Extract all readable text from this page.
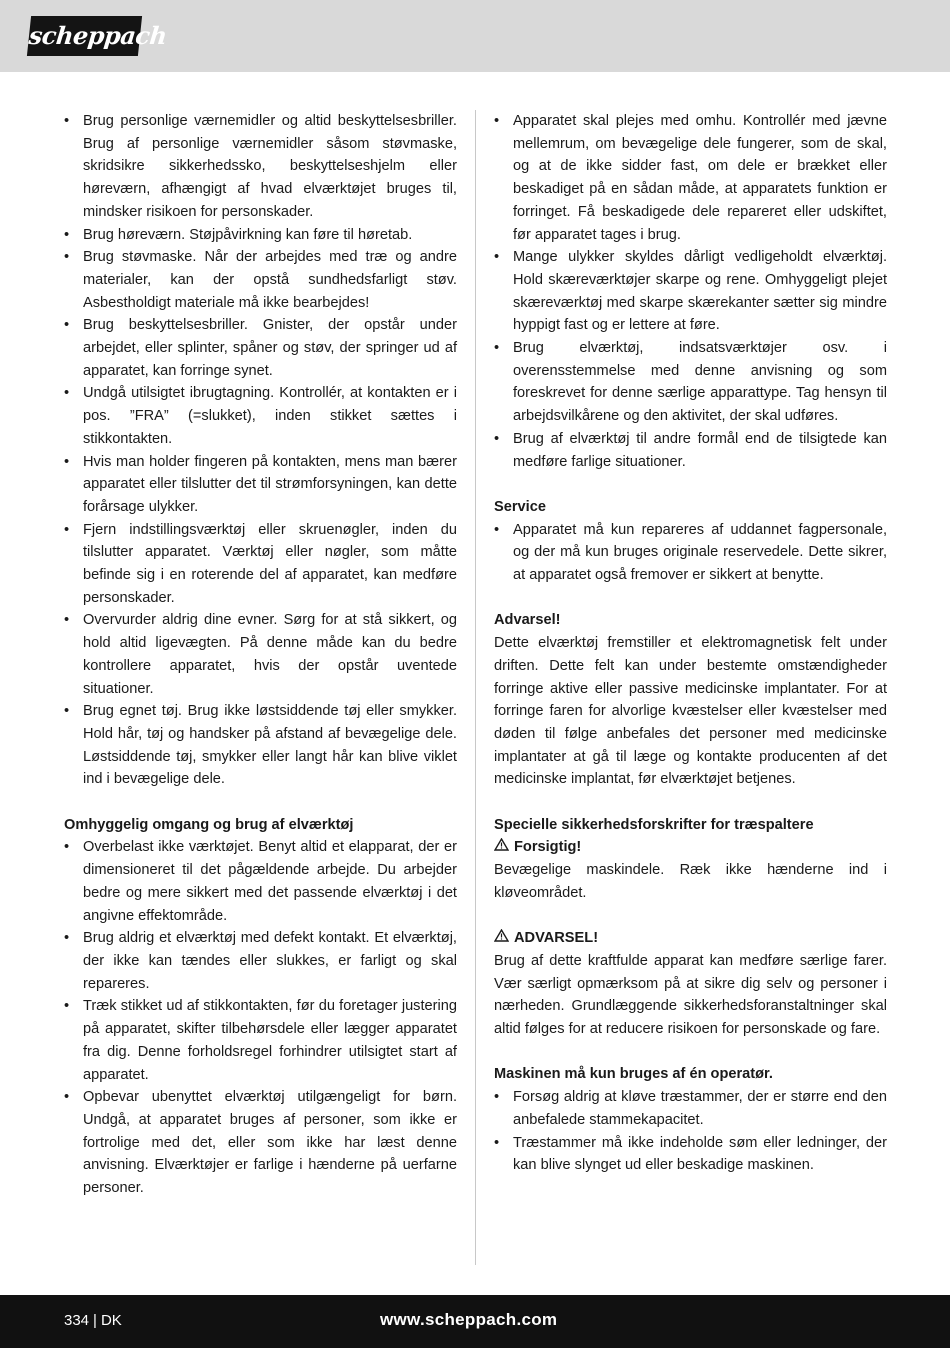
scheppach
• Brug personlige værnemidler og altid beskyttelsesbriller. Brug af personlige værnemidler såsom støvmaske, skridsikre sikkerhedssko, beskyttelseshjelm eller høreværn, afhængigt af hvad elværktøjet bruges til, mindsker risikoen for personskader.
• Brug høreværn. Støjpåvirkning kan føre til høretab.
• Brug støvmaske. Når der arbejdes med træ og andre materialer, kan der opstå sundhedsfarligt støv. Asbestholdigt materiale må ikke bearbejdes!
• Brug beskyttelsesbriller. Gnister, der opstår under arbejdet, eller splinter, spåner og støv, der springer ud af apparatet, kan forringe synet.
• Undgå utilsigtet ibrugtagning. Kontrollér, at kontakten er i pos. ”FRA” (=slukket), inden stikket sættes i stikkontakten.
• Hvis man holder fingeren på kontakten, mens man bærer apparatet eller tilslutter det til strømforsyningen, kan dette forårsage ulykker.
• Fjern indstillingsværktøj eller skruenøgler, inden du tilslutter apparatet. Værktøj eller nøgler, som måtte befinde sig i en roterende del af apparatet, kan medføre personskader.
• Overvurder aldrig dine evner. Sørg for at stå sikkert, og hold altid ligevægten. På denne måde kan du bedre kontrollere apparatet, hvis der opstår uventede situationer.
• Brug egnet tøj. Brug ikke løstsiddende tøj eller smykker. Hold hår, tøj og handsker på afstand af bevægelige dele. Løstsiddende tøj, smykker eller langt hår kan blive viklet ind i bevægelige dele.
Omhyggelig omgang og brug af elværktøj
• Overbelast ikke værktøjet. Benyt altid et elapparat, der er dimensioneret til det pågældende arbejde. Du arbejder bedre og mere sikkert med det passende elværktøj i det angivne effektområde.
• Brug aldrig et elværktøj med defekt kontakt. Et elværktøj, der ikke kan tændes eller slukkes, er farligt og skal repareres.
• Træk stikket ud af stikkontakten, før du foretager justering på apparatet, skifter tilbehørsdele eller lægger apparatet fra dig. Denne forholdsregel forhindrer utilsigtet start af apparatet.
• Opbevar ubenyttet elværktøj utilgængeligt for børn. Undgå, at apparatet bruges af personer, som ikke er fortrolige med det, eller som ikke har læst denne anvisning. Elværktøjer er farlige i hænderne på uerfarne personer.
• Apparatet skal plejes med omhu. Kontrollér med jævne mellemrum, om bevægelige dele fungerer, som de skal, og at de ikke sidder fast, om dele er brækket eller beskadiget på en sådan måde, at apparatets funktion er forringet. Få beskadigede dele repareret eller udskiftet, før apparatet tages i brug.
• Mange ulykker skyldes dårligt vedligeholdt elværktøj. Hold skæreværktøjer skarpe og rene. Omhyggeligt plejet skæreværktøj med skarpe skærekanter sætter sig mindre hyppigt fast og er lettere at føre.
• Brug elværktøj, indsatsværktøjer osv. i overensstemmelse med denne anvisning og som foreskrevet for denne særlige apparattype. Tag hensyn til arbejdsvilkårene og den aktivitet, der skal udføres.
• Brug af elværktøj til andre formål end de tilsigtede kan medføre farlige situationer.
Service
• Apparatet må kun repareres af uddannet fagpersonale, og der må kun bruges originale reservedele. Dette sikrer, at apparatet også fremover er sikkert at benytte.
Advarsel!

Dette elværktøj fremstiller et elektromagnetisk felt under driften. Dette felt kan under bestemte omstændigheder forringe aktive eller passive medicinske implantater. For at forringe faren for alvorlige kvæstelser eller kvæstelser med døden til følge anbefales det personer med medicinske implantater at gå til læge og kontakte producenten af det medicinske implantat, før elværktøjet betjenes.

Specielle sikkerhedsforskrifter for træspaltere
Forsigtig!

Bevægelige maskindele. Ræk ikke hænderne ind i kløveområdet.

ADVARSEL!

Brug af dette kraftfulde apparat kan medføre særlige farer. Vær særligt opmærksom på at sikre dig selv og personer i nærheden. Grundlæggende sikkerhedsforanstaltninger skal altid følges for at reducere risikoen for personskade og fare.

Maskinen må kun bruges af én operatør.
• Forsøg aldrig at kløve træstammer, der er større end den anbefalede stammekapacitet.
• Træstammer må ikke indeholde søm eller ledninger, der kan blive slynget ud eller beskadige maskinen.
334 | DK	www.scheppach.com
